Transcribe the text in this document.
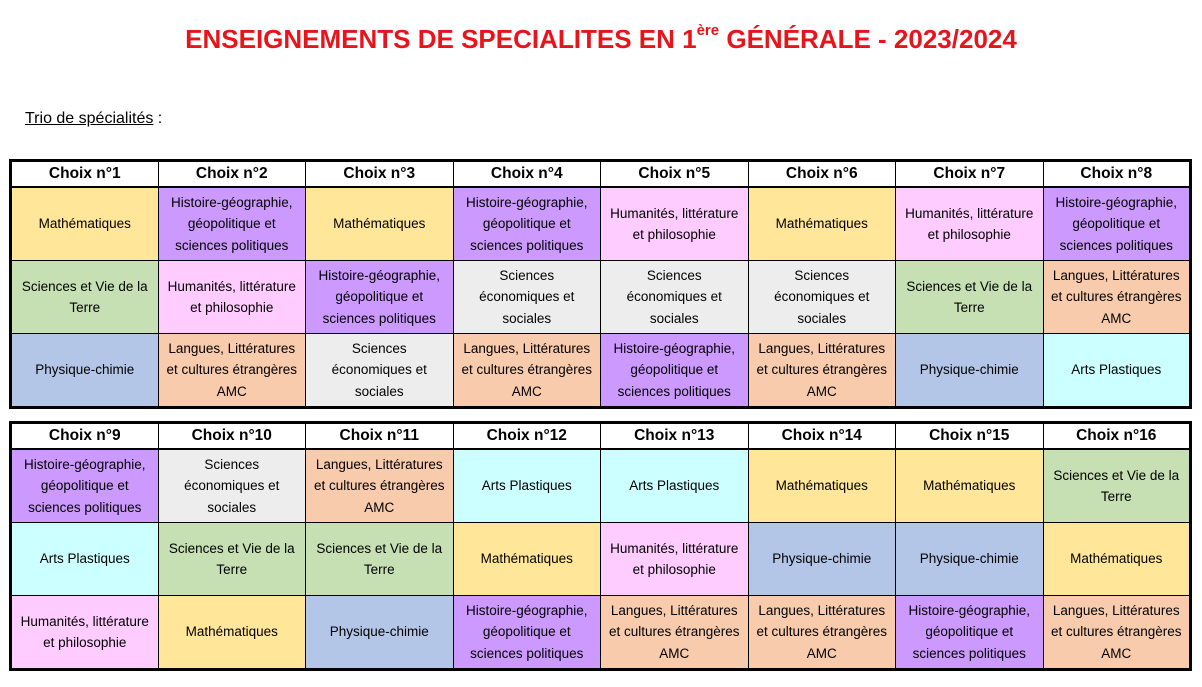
ENSEIGNEMENTS DE SPECIALITES EN 1ère GÉNÉRALE - 2023/2024
Trio de spécialités :
Choix n°1	Choix n°2	Choix n°3	Choix n°4	Choix n°5	Choix n°6	Choix n°7	Choix n°8
Mathématiques	Histoire-géographie, géopolitique et sciences politiques	Mathématiques	Histoire-géographie, géopolitique et sciences politiques	Humanités, littérature et philosophie	Mathématiques	Humanités, littérature et philosophie	Histoire-géographie, géopolitique et sciences politiques
Sciences et Vie de la Terre	Humanités, littérature et philosophie	Histoire-géographie, géopolitique et sciences politiques	Sciences économiques et sociales	Sciences économiques et sociales	Sciences économiques et sociales	Sciences et Vie de la Terre	Langues, Littératures et cultures étrangères AMC
Physique-chimie	Langues, Littératures et cultures étrangères AMC	Sciences économiques et sociales	Langues, Littératures et cultures étrangères AMC	Histoire-géographie, géopolitique et sciences politiques	Langues, Littératures et cultures étrangères AMC	Physique-chimie	Arts Plastiques
Choix n°9	Choix n°10	Choix n°11	Choix n°12	Choix n°13	Choix n°14	Choix n°15	Choix n°16
Histoire-géographie, géopolitique et sciences politiques	Sciences économiques et sociales	Langues, Littératures et cultures étrangères AMC	Arts Plastiques	Arts Plastiques	Mathématiques	Mathématiques	Sciences et Vie de la Terre
Arts Plastiques	Sciences et Vie de la Terre	Sciences et Vie de la Terre	Mathématiques	Humanités, littérature et philosophie	Physique-chimie	Physique-chimie	Mathématiques
Humanités, littérature et philosophie	Mathématiques	Physique-chimie	Histoire-géographie, géopolitique et sciences politiques	Langues, Littératures et cultures étrangères AMC	Langues, Littératures et cultures étrangères AMC	Histoire-géographie, géopolitique et sciences politiques	Langues, Littératures et cultures étrangères AMC
